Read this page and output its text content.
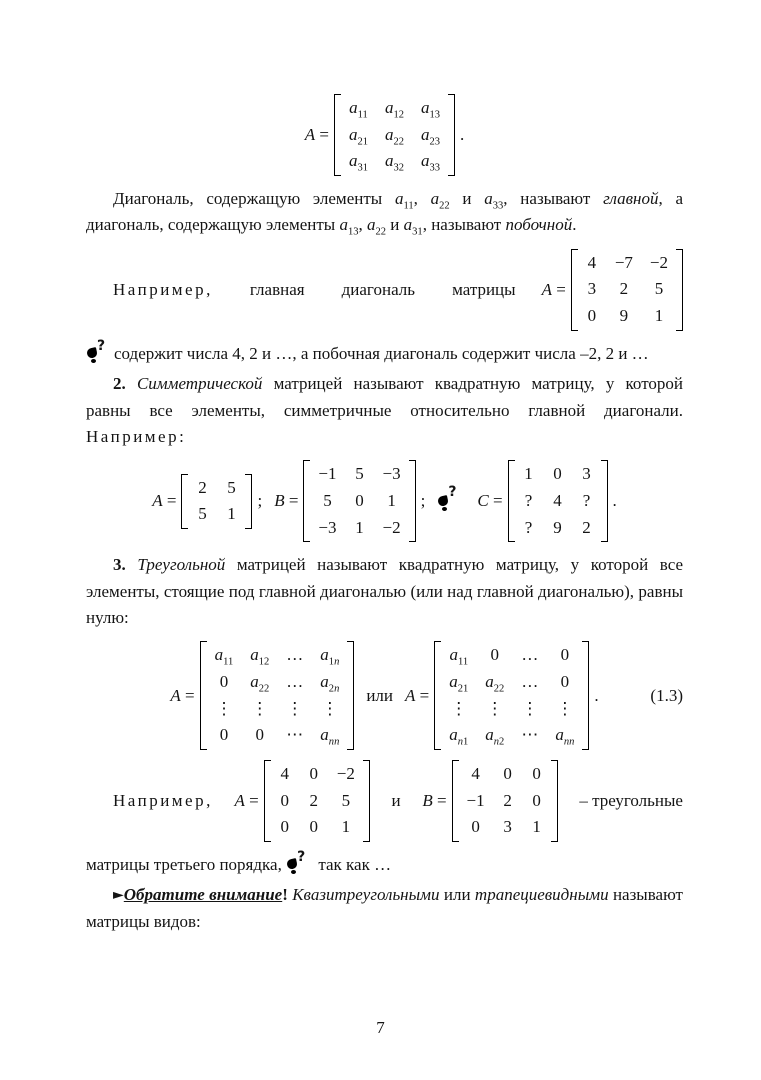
A =
$a_{11}$ $a_{12}$ $a_{13}$
$a_{21}$ $a_{22}$ $a_{23}$
$a_{31}$ $a_{32}$ $a_{33}$
.

Диагональ, содержащую элементы $a_{11}$, $a_{22}$ и $a_{33}$, называют главной, а диагональ, содержащую элементы $a_{13}$, $a_{22}$ и $a_{31}$, называют побочной.

Например, главная диагональ матрицы	A =
4 −7 −2
3 2 5
0 9 1

? содержит числа 4, 2 и …, а побочная диагональ содержит числа –2, 2 и …

2. Симметрической матрицей называют квадратную матрицу, у которой равны все элементы, симметричные относительно главной диагонали. Например:

A =
2 5
5 1
; B =
−1 5 −3
5 0 1
−3 1 −2
; ? C =
1 0 3
? 4 ?
? 9 2
.

3. Треугольной матрицей называют квадратную матрицу, у которой все элементы, стоящие под главной диагональю (или над главной диагональю), равны нулю:

A =
$a_{11}$ $a_{12}$ … $a_{1n}$
0 $a_{22}$ … $a_{2n}$
⋮ ⋮ ⋮ ⋮
0 0 ⋯ $a_{nn}$
или A =
$a_{11}$ 0 … 0
$a_{21}$ $a_{22}$ … 0
⋮ ⋮ ⋮ ⋮
$a_{n1}$ $a_{n2}$ ⋯ $a_{nn}$
.	(1.3)
Например, A =
4 0 −2
0 2 5
0 0 1
и B =
4 0 0
−1 2 0
0 3 1
– треугольные

матрицы третьего порядка, ? так как …

►Обратите внимание! Квазитреугольными или трапециевидными называют матрицы видов:

7
